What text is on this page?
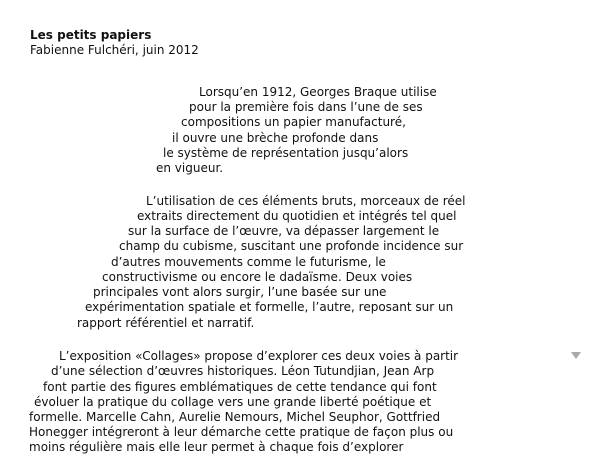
Les petits papiers

Fabienne Fulchéri, juin 2012

Lorsqu’en 1912, Georges Braque utilise

pour la première fois dans l’une de ses

compositions un papier manufacturé,

il ouvre une brèche profonde dans

le système de représentation jusqu’alors

en vigueur.

L’utilisation de ces éléments bruts, morceaux de réel

extraits directement du quotidien et intégrés tel quel

sur la surface de l’œuvre, va dépasser largement le

champ du cubisme, suscitant une profonde incidence sur

d’autres mouvements comme le futurisme, le

constructivisme ou encore le dadaïsme. Deux voies

principales vont alors surgir, l’une basée sur une

expérimentation spatiale et formelle, l’autre, reposant sur un

rapport référentiel et narratif.

L’exposition «Collages» propose d’explorer ces deux voies à partir

d’une sélection d’œuvres historiques. Léon Tutundjian, Jean Arp

font partie des figures emblématiques de cette tendance qui font

évoluer la pratique du collage vers une grande liberté poétique et

formelle. Marcelle Cahn, Aurelie Nemours, Michel Seuphor, Gottfried

Honegger intégreront à leur démarche cette pratique de façon plus ou

moins régulière mais elle leur permet à chaque fois d’explorer
